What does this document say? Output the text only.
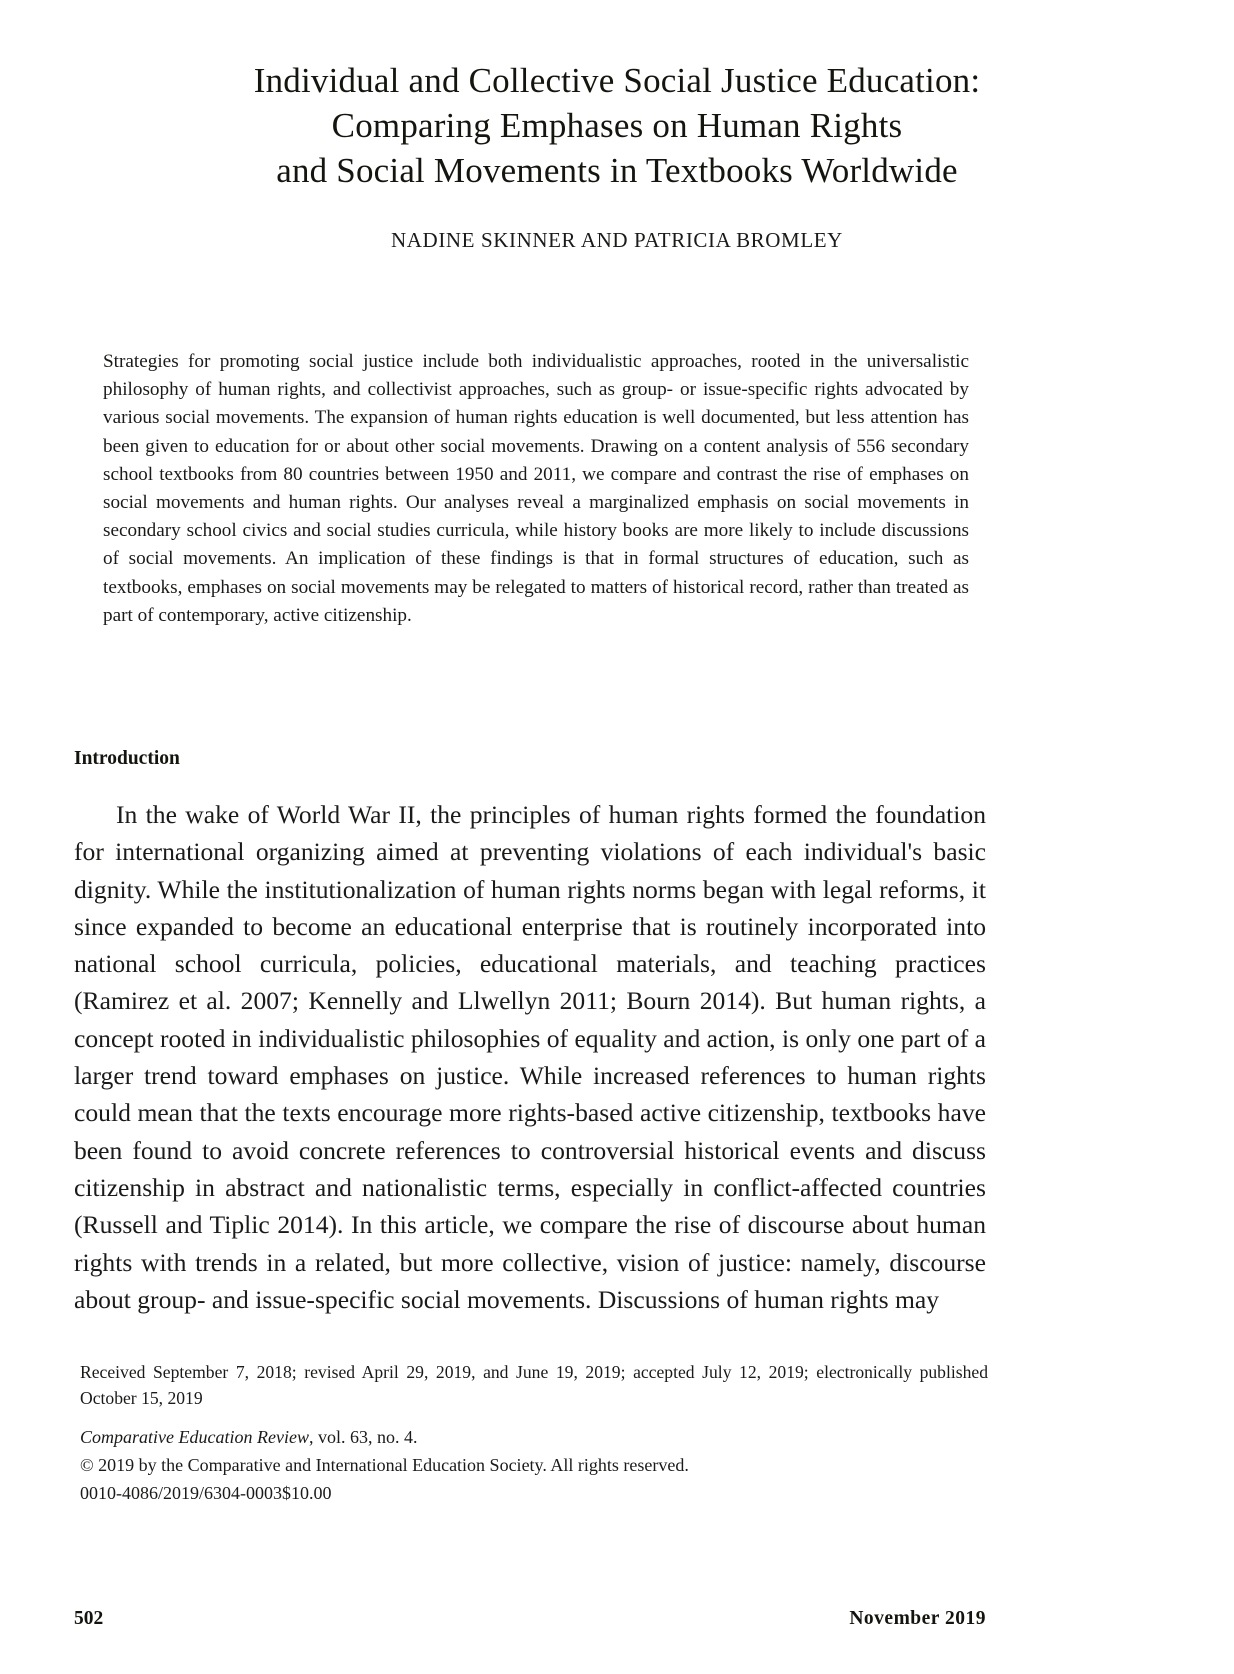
Individual and Collective Social Justice Education:
Comparing Emphases on Human Rights
and Social Movements in Textbooks Worldwide
NADINE SKINNER AND PATRICIA BROMLEY
Strategies for promoting social justice include both individualistic approaches, rooted in the universalistic philosophy of human rights, and collectivist approaches, such as group- or issue-specific rights advocated by various social movements. The expansion of human rights education is well documented, but less attention has been given to education for or about other social movements. Drawing on a content analysis of 556 secondary school textbooks from 80 countries between 1950 and 2011, we compare and contrast the rise of emphases on social movements and human rights. Our analyses reveal a marginalized emphasis on social movements in secondary school civics and social studies curricula, while history books are more likely to include discussions of social movements. An implication of these findings is that in formal structures of education, such as textbooks, emphases on social movements may be relegated to matters of historical record, rather than treated as part of contemporary, active citizenship.
Introduction
In the wake of World War II, the principles of human rights formed the foundation for international organizing aimed at preventing violations of each individual's basic dignity. While the institutionalization of human rights norms began with legal reforms, it since expanded to become an educational enterprise that is routinely incorporated into national school curricula, policies, educational materials, and teaching practices (Ramirez et al. 2007; Kennelly and Llwellyn 2011; Bourn 2014). But human rights, a concept rooted in individualistic philosophies of equality and action, is only one part of a larger trend toward emphases on justice. While increased references to human rights could mean that the texts encourage more rights-based active citizenship, textbooks have been found to avoid concrete references to controversial historical events and discuss citizenship in abstract and nationalistic terms, especially in conflict-affected countries (Russell and Tiplic 2014). In this article, we compare the rise of discourse about human rights with trends in a related, but more collective, vision of justice: namely, discourse about group- and issue-specific social movements. Discussions of human rights may
Received September 7, 2018; revised April 29, 2019, and June 19, 2019; accepted July 12, 2019; electronically published October 15, 2019
Comparative Education Review, vol. 63, no. 4.
© 2019 by the Comparative and International Education Society. All rights reserved.
0010-4086/2019/6304-0003$10.00
502	November 2019
